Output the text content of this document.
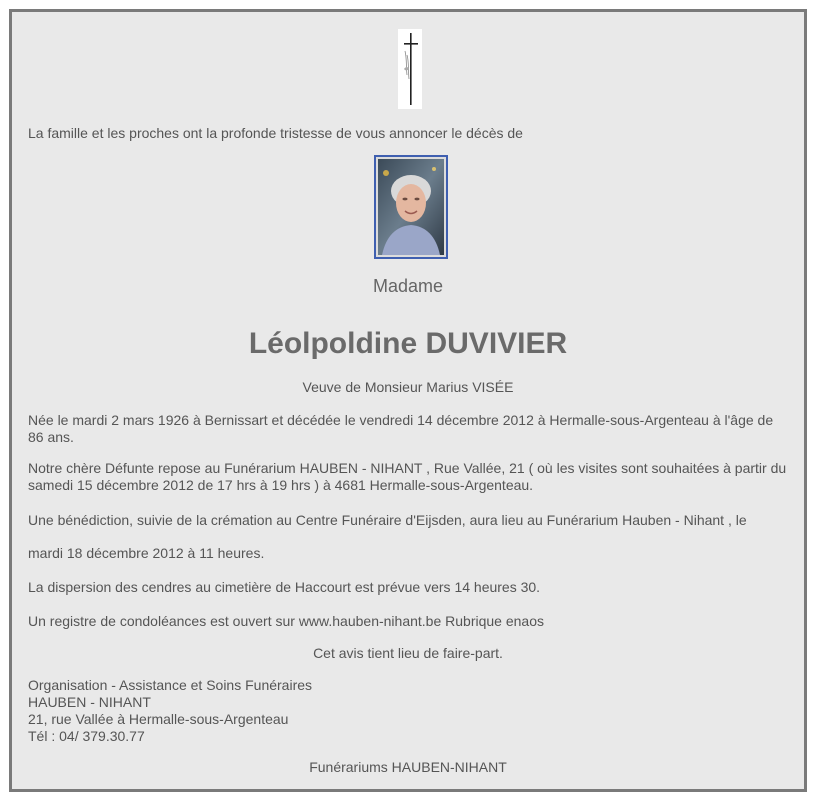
La famille et les proches ont la profonde tristesse de vous annoncer le décès de

Madame

Léolpoldine DUVIVIER

Veuve de Monsieur Marius VISÉE

Née le mardi 2 mars 1926 à Bernissart et décédée le vendredi 14 décembre 2012 à Hermalle-sous-Argenteau à l'âge de 86 ans.

Notre chère Défunte repose au Funérarium HAUBEN - NIHANT , Rue Vallée, 21 ( où les visites sont souhaitées à partir du samedi 15 décembre 2012 de 17 hrs à 19 hrs ) à 4681 Hermalle-sous-Argenteau.

Une bénédiction, suivie de la crémation au Centre Funéraire d'Eijsden, aura lieu au Funérarium Hauben - Nihant , le

mardi 18 décembre 2012 à 11 heures.

La dispersion des cendres au cimetière de Haccourt est prévue vers 14 heures 30.

Un registre de condoléances est ouvert sur www.hauben-nihant.be Rubrique enaos

Cet avis tient lieu de faire-part.

Organisation - Assistance et Soins Funéraires
HAUBEN - NIHANT
21, rue Vallée à Hermalle-sous-Argenteau
Tél : 04/ 379.30.77

Funérariums HAUBEN-NIHANT
